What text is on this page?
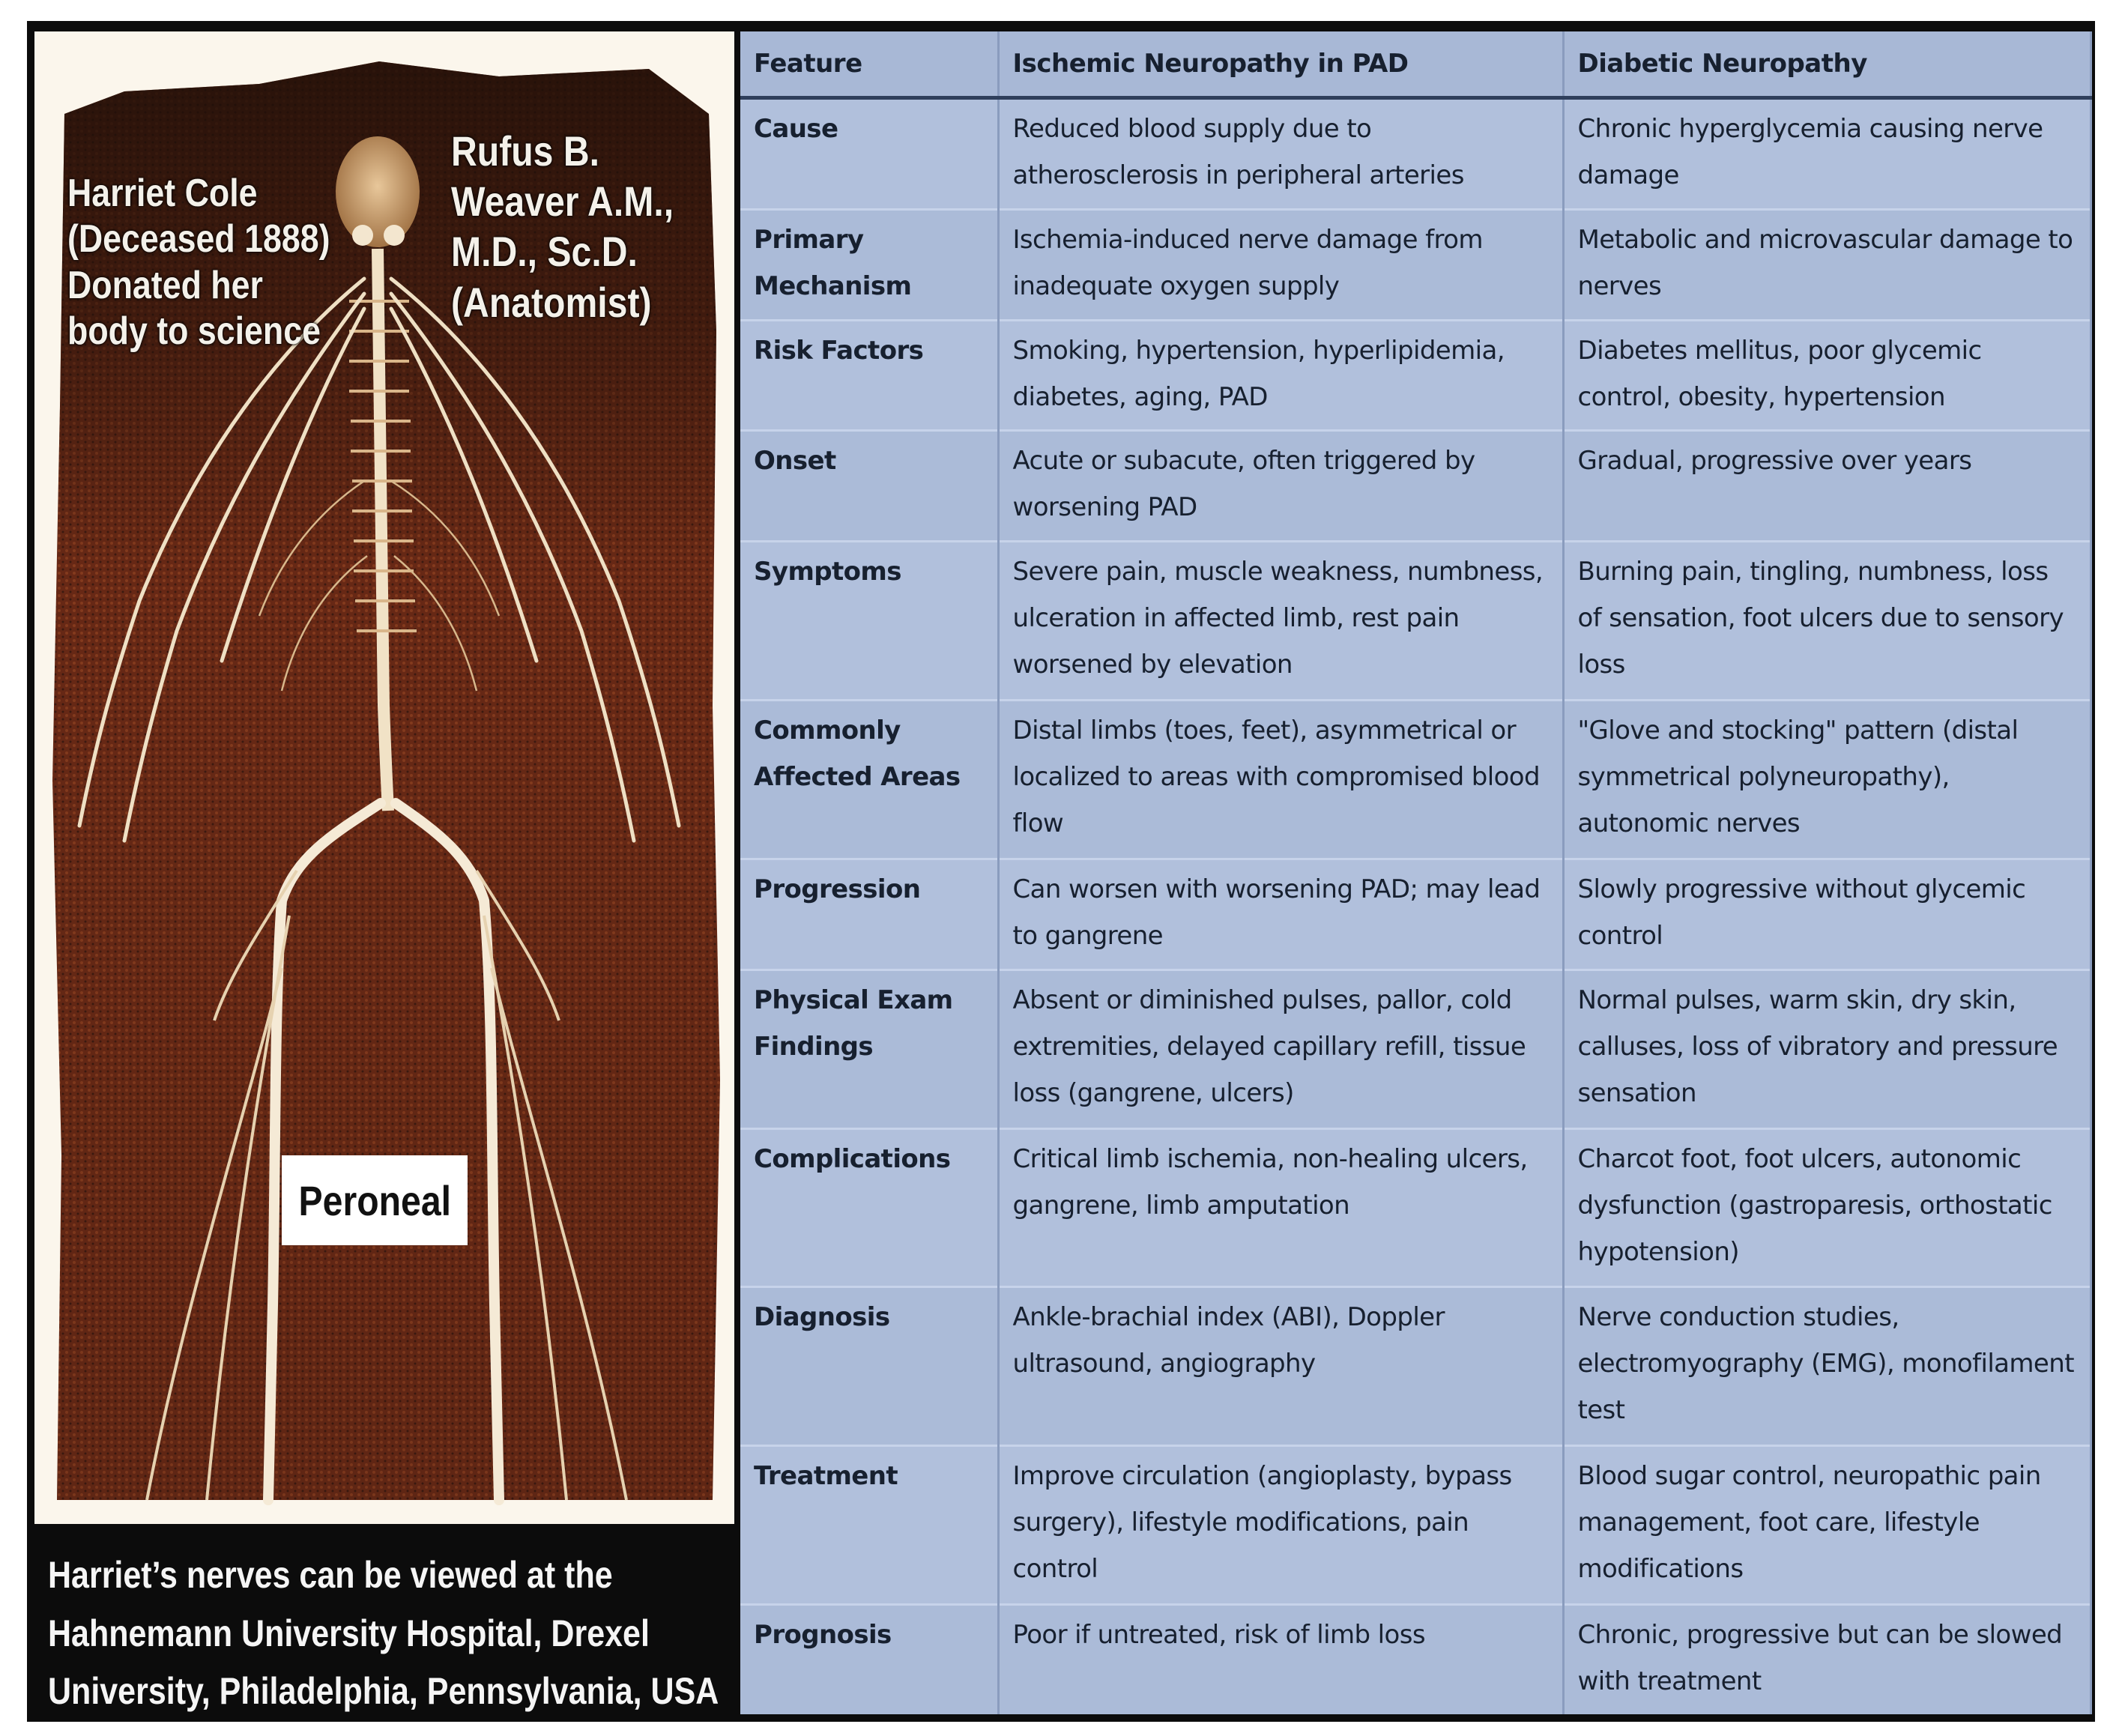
Harriet Cole
(Deceased 1888)
Donated her
body to science
Rufus B.
Weaver A.M.,
M.D., Sc.D.
(Anatomist)
Peroneal
Harriet’s nerves can be viewed at the
Hahnemann University Hospital, Drexel
University, Philadelphia, Pennsylvania, USA
Feature	Ischemic Neuropathy in PAD	Diabetic Neuropathy
Cause	Reduced blood supply due to atherosclerosis in peripheral arteries	Chronic hyperglycemia causing nerve damage
Primary Mechanism	Ischemia-induced nerve damage from inadequate oxygen supply	Metabolic and microvascular damage to nerves
Risk Factors	Smoking, hypertension, hyperlipidemia, diabetes, aging, PAD	Diabetes mellitus, poor glycemic control, obesity, hypertension
Onset	Acute or subacute, often triggered by worsening PAD	Gradual, progressive over years
Symptoms	Severe pain, muscle weakness, numbness, ulceration in affected limb, rest pain worsened by elevation	Burning pain, tingling, numbness, loss of sensation, foot ulcers due to sensory loss
Commonly Affected Areas	Distal limbs (toes, feet), asymmetrical or localized to areas with compromised blood flow	"Glove and stocking" pattern (distal symmetrical polyneuropathy), autonomic nerves
Progression	Can worsen with worsening PAD; may lead to gangrene	Slowly progressive without glycemic control
Physical Exam Findings	Absent or diminished pulses, pallor, cold extremities, delayed capillary refill, tissue loss (gangrene, ulcers)	Normal pulses, warm skin, dry skin, calluses, loss of vibratory and pressure sensation
Complications	Critical limb ischemia, non-healing ulcers, gangrene, limb amputation	Charcot foot, foot ulcers, autonomic dysfunction (gastroparesis, orthostatic hypotension)
Diagnosis	Ankle-brachial index (ABI), Doppler ultrasound, angiography	Nerve conduction studies, electromyography (EMG), monofilament test
Treatment	Improve circulation (angioplasty, bypass surgery), lifestyle modifications, pain control	Blood sugar control, neuropathic pain management, foot care, lifestyle modifications
Prognosis	Poor if untreated, risk of limb loss	Chronic, progressive but can be slowed with treatment
